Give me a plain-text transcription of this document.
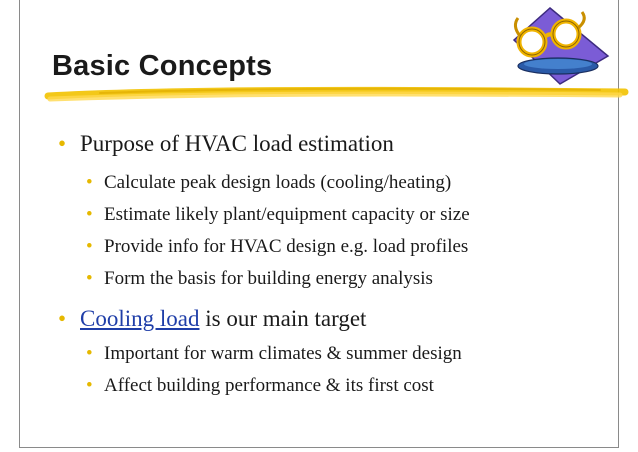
Basic Concepts
• Purpose of HVAC load estimation
• Calculate peak design loads (cooling/heating)
• Estimate likely plant/equipment capacity or size
• Provide info for HVAC design e.g. load profiles
• Form the basis for building energy analysis
• Cooling load is our main target
• Important for warm climates & summer design
• Affect building performance & its first cost
